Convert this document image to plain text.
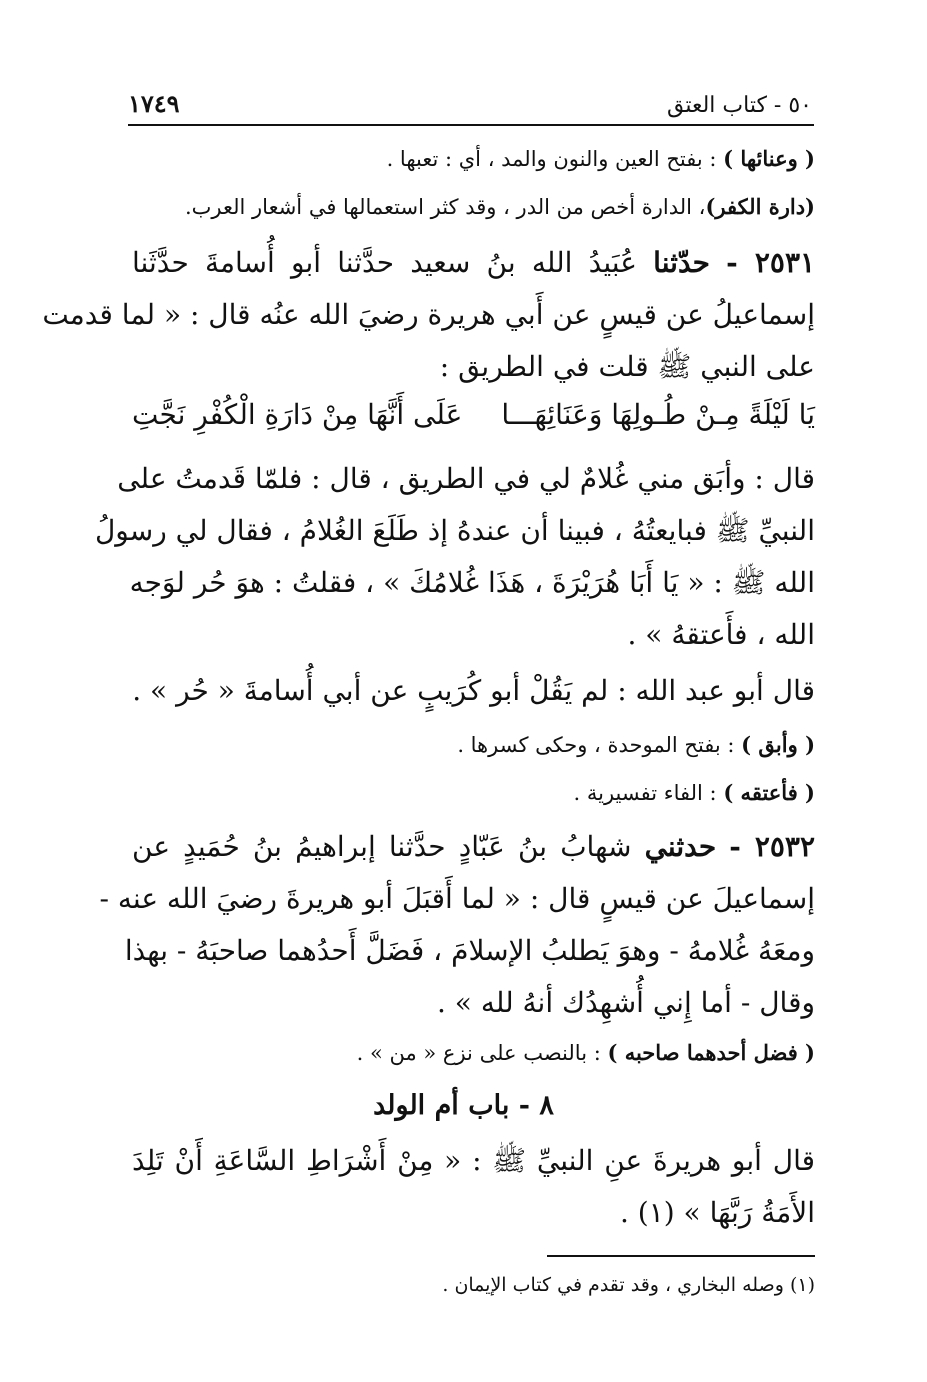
٥٠ - كتاب العتق
١٧٤٩
( وعنائها ) : بفتح العين والنون والمد ، أي : تعبها .
(دارة الكفر)، الدارة أخص من الدر ، وقد كثر استعمالها في أشعار العرب.
٢٥٣١ - حدّثنا عُبَيدُ الله بنُ سعيد حدَّثنا أبو أُسامةَ حدَّثَنا
إسماعيلُ عن قيسٍ عن أَبي هريرة رضيَ الله عنُه قال : « لما قدمت
على النبي ﷺ قلت في الطريق :
يَا لَيْلَةً مِـنْ طُـولِهَا وَعَنَائِهَـــا
عَلَى أَنَّهَا مِنْ دَارَةِ الْكُفْرِ نَجَّتِ
قال : وأبَق مني غُلامٌ لي في الطريق ، قال : فلمّا قَدمتُ على
النبيِّ ﷺ فبايعتُهُ ، فبينا أن عندهُ إذ طَلَعَ الغُلامُ ، فقال لي رسولُ
الله ﷺ : « يَا أَبَا هُرَيْرَةَ ، هَذَا غُلامُكَ » ، فقلتُ : هوَ حُر لوَجه
الله ، فأَعتقهُ » .
قال أبو عبد الله : لم يَقُلْ أبو كُرَيبٍ عن أبي أُسامةَ « حُر » .
( وأبق ) : بفتح الموحدة ، وحكى كسرها .
( فأعتقه ) : الفاء تفسيرية .
٢٥٣٢ - حدثني شهابُ بنُ عَبّادٍ حدَّثنا إبراهيمُ بنُ حُمَيدٍ عن
إسماعيلَ عن قيسٍ قال : « لما أَقبَلَ أبو هريرةَ رضيَ الله عنه -
ومعَهُ غُلامهُ - وهوَ يَطلبُ الإسلامَ ، فَضَلَّ أَحدُهما صاحبَهُ - بهذا
وقال - أما إِني أُشهِدُك أنهُ لله » .
( فضل أحدهما صاحبه ) : بالنصب على نزع « من » .
٨ - باب أم الولد
قال أبو هريرةَ عنِ النبيِّ ﷺ : « مِنْ أَشْرَاطِ السَّاعَةِ أَنْ تَلِدَ
الأَمَةُ رَبَّهَا » (١) .
(١) وصله البخاري ، وقد تقدم في كتاب الإيمان .
